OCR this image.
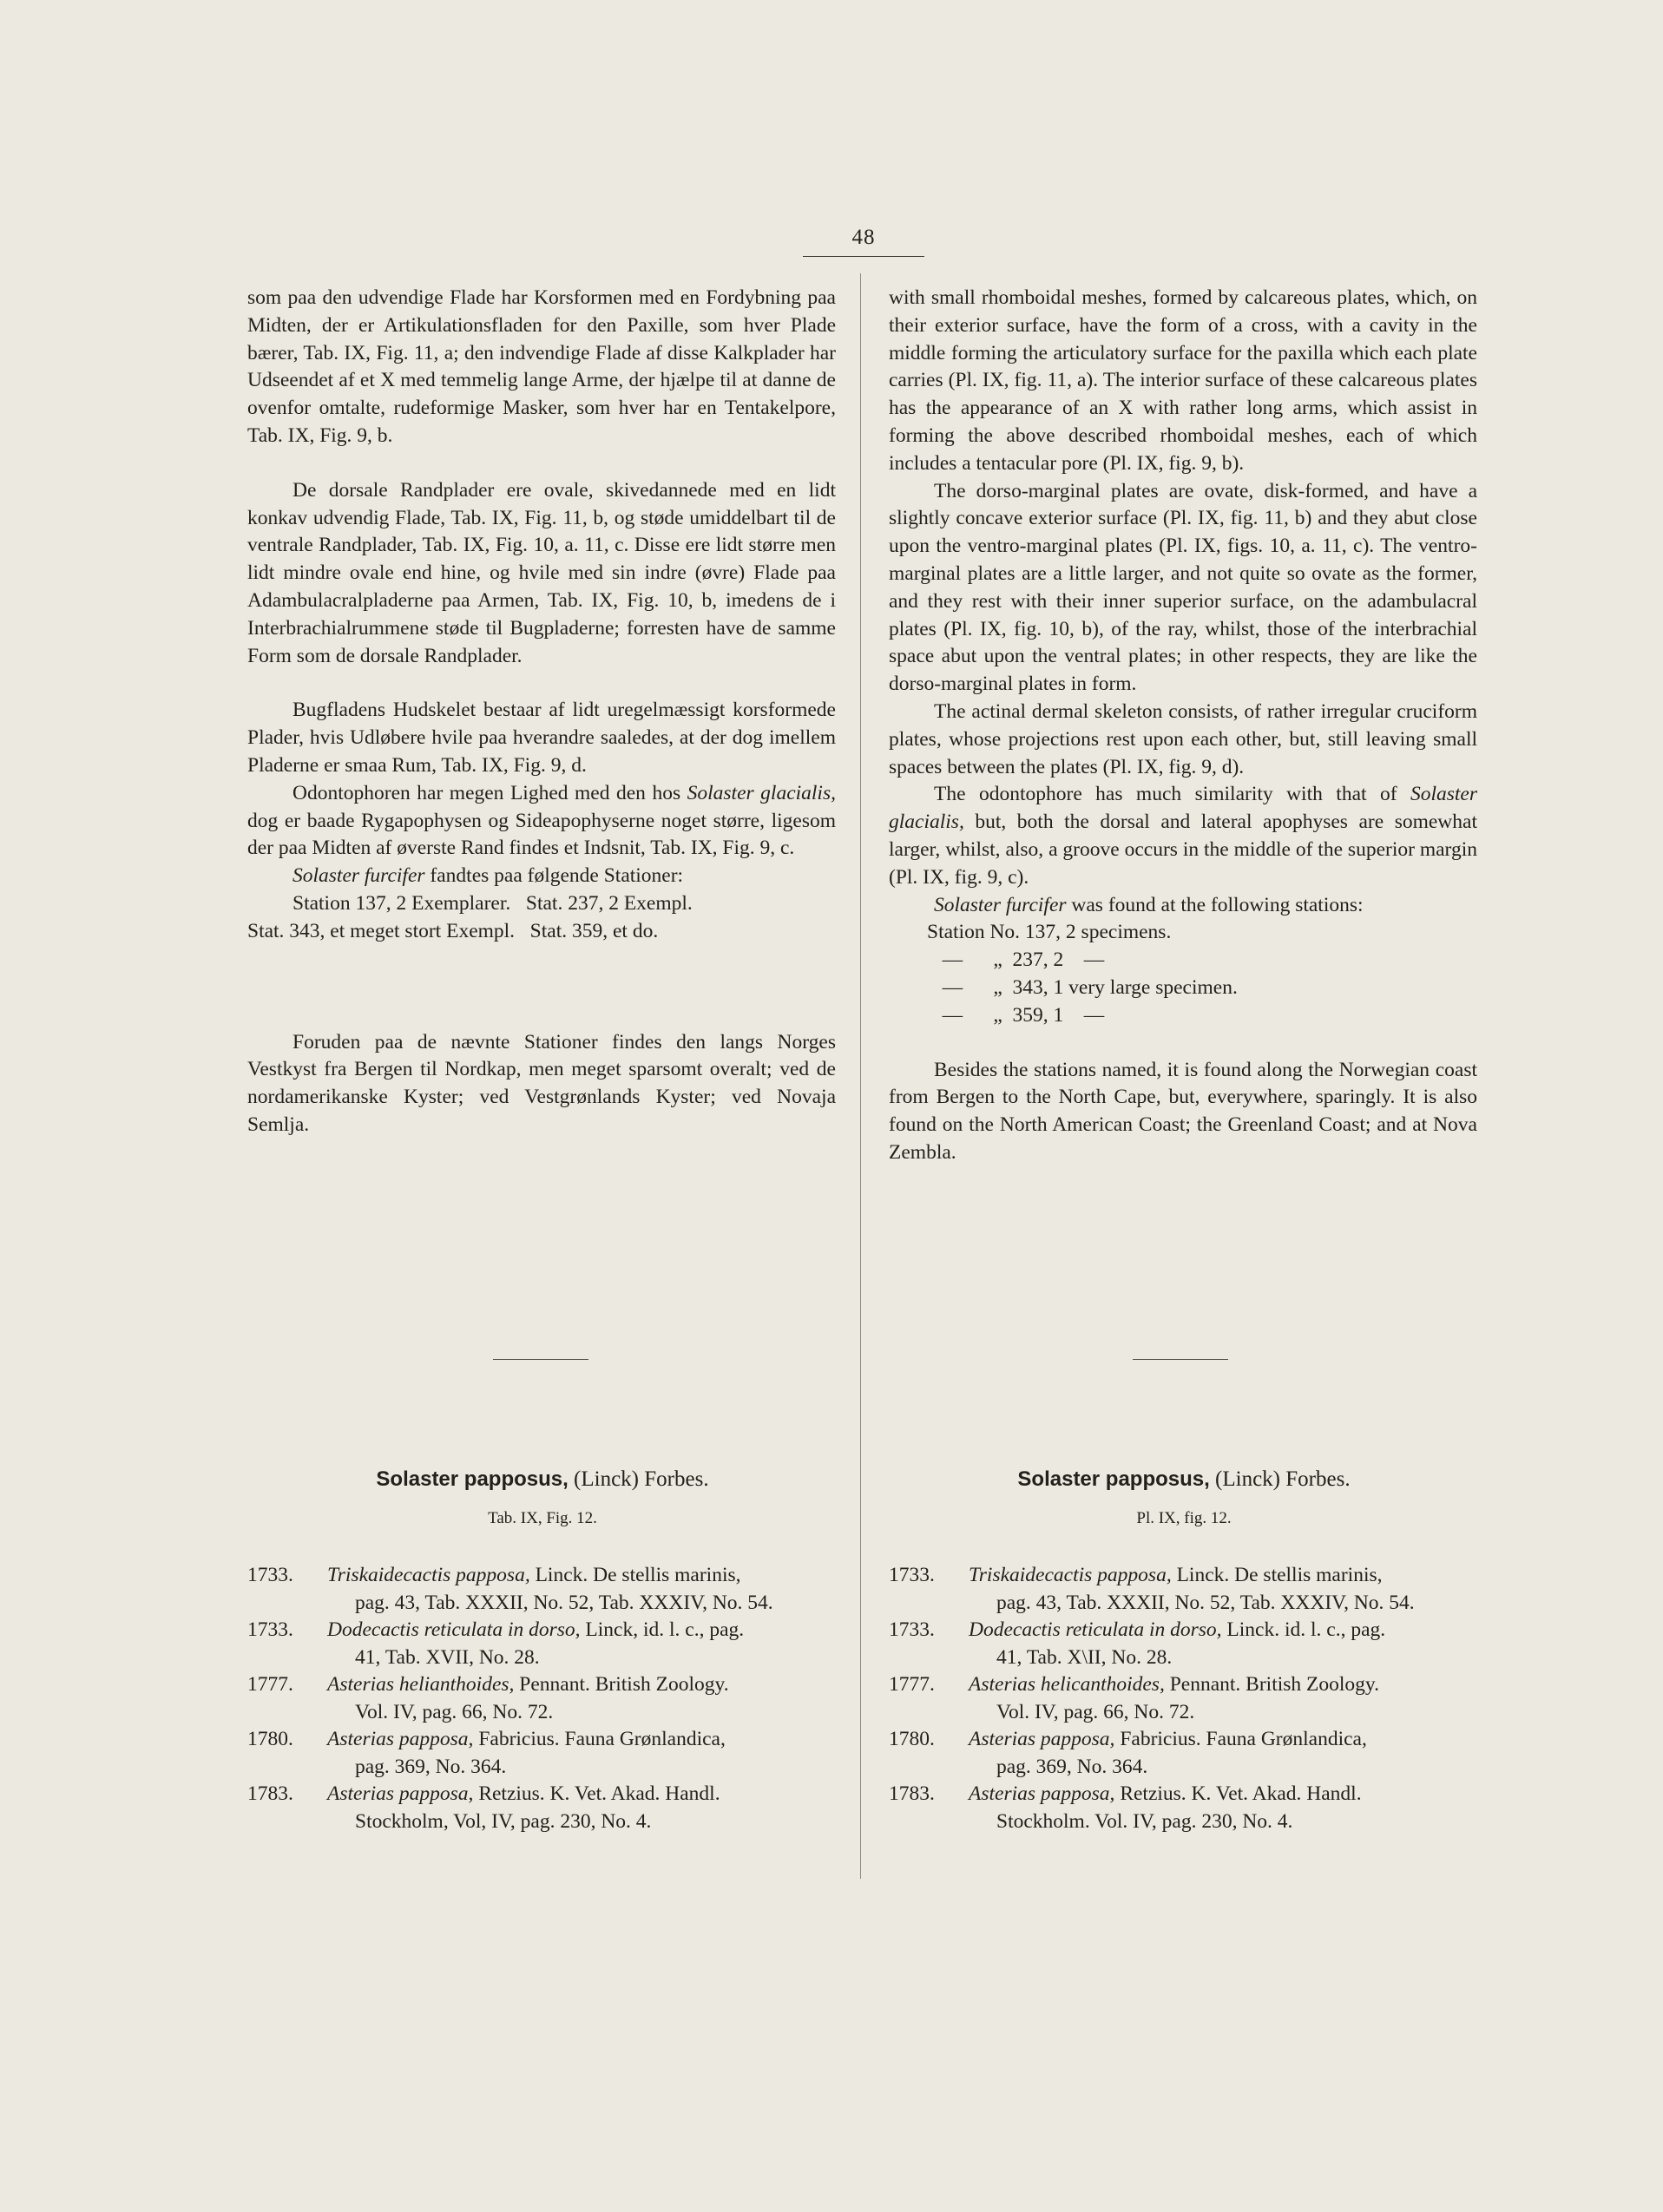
48

som paa den udvendige Flade har Korsformen med en Fordybning paa Midten, der er Artikulationsfladen for den Paxille, som hver Plade bærer, Tab. IX, Fig. 11, a; den indvendige Flade af disse Kalkplader har Udseendet af et X med temmelig lange Arme, der hjælpe til at danne de ovenfor omtalte, rudeformige Masker, som hver har en Tentakelpore, Tab. IX, Fig. 9, b.

De dorsale Randplader ere ovale, skivedannede med en lidt konkav udvendig Flade, Tab. IX, Fig. 11, b, og støde umiddelbart til de ventrale Randplader, Tab. IX, Fig. 10, a. 11, c. Disse ere lidt større men lidt mindre ovale end hine, og hvile med sin indre (øvre) Flade paa Adambulacralpladerne paa Armen, Tab. IX, Fig. 10, b, imedens de i Interbrachialrummene støde til Bugpladerne; forresten have de samme Form som de dorsale Randplader.

Bugfladens Hudskelet bestaar af lidt uregelmæssigt korsformede Plader, hvis Udløbere hvile paa hverandre saaledes, at der dog imellem Pladerne er smaa Rum, Tab. IX, Fig. 9, d.

Odontophoren har megen Lighed med den hos Solaster glacialis, dog er baade Rygapophysen og Sideapophyserne noget større, ligesom der paa Midten af øverste Rand findes et Indsnit, Tab. IX, Fig. 9, c.

Solaster furcifer fandtes paa følgende Stationer:

Station 137, 2 Exemplarer.   Stat. 237, 2 Exempl.

Stat. 343, et meget stort Exempl.   Stat. 359, et do.

Foruden paa de nævnte Stationer findes den langs Norges Vestkyst fra Bergen til Nordkap, men meget sparsomt overalt; ved de nordamerikanske Kyster; ved Vestgrønlands Kyster; ved Novaja Semlja.

with small rhomboidal meshes, formed by calcareous plates, which, on their exterior surface, have the form of a cross, with a cavity in the middle forming the articulatory surface for the paxilla which each plate carries (Pl. IX, fig. 11, a). The interior surface of these calcareous plates has the appearance of an X with rather long arms, which assist in forming the above described rhomboidal meshes, each of which includes a tentacular pore (Pl. IX, fig. 9, b).

The dorso-marginal plates are ovate, disk-formed, and have a slightly concave exterior surface (Pl. IX, fig. 11, b) and they abut close upon the ventro-marginal plates (Pl. IX, figs. 10, a. 11, c). The ventro-marginal plates are a little larger, and not quite so ovate as the former, and they rest with their inner superior surface, on the adambulacral plates (Pl. IX, fig. 10, b), of the ray, whilst, those of the interbrachial space abut upon the ventral plates; in other respects, they are like the dorso-marginal plates in form.

The actinal dermal skeleton consists, of rather irregular cruciform plates, whose projections rest upon each other, but, still leaving small spaces between the plates (Pl. IX, fig. 9, d).

The odontophore has much similarity with that of Solaster glacialis, but, both the dorsal and lateral apophyses are somewhat larger, whilst, also, a groove occurs in the middle of the superior margin (Pl. IX, fig. 9, c).

Solaster furcifer was found at the following stations:

Station No. 137, 2 specimens.
—      „  237, 2    —
—      „  343, 1 very large specimen.
—      „  359, 1    —

Besides the stations named, it is found along the Norwegian coast from Bergen to the North Cape, but, everywhere, sparingly. It is also found on the North American Coast; the Greenland Coast; and at Nova Zembla.

Solaster papposus, (Linck) Forbes.
Tab. IX, Fig. 12.
1733.	Triskaidecactis papposa, Linck. De stellis marinis,
pag. 43, Tab. XXXII, No. 52, Tab. XXXIV, No. 54.
1733.	Dodecactis reticulata in dorso, Linck, id. l. c., pag.
41, Tab. XVII, No. 28.
1777.	Asterias helianthoides, Pennant. British Zoology.
Vol. IV, pag. 66, No. 72.
1780.	Asterias papposa, Fabricius. Fauna Grønlandica,
pag. 369, No. 364.
1783.	Asterias papposa, Retzius. K. Vet. Akad. Handl.
Stockholm, Vol, IV, pag. 230, No. 4.
Solaster papposus, (Linck) Forbes.
Pl. IX, fig. 12.
1733.	Triskaidecactis papposa, Linck. De stellis marinis,
pag. 43, Tab. XXXII, No. 52, Tab. XXXIV, No. 54.
1733.	Dodecactis reticulata in dorso, Linck. id. l. c., pag.
41, Tab. X\II, No. 28.
1777.	Asterias helicanthoides, Pennant. British Zoology.
Vol. IV, pag. 66, No. 72.
1780.	Asterias papposa, Fabricius. Fauna Grønlandica,
pag. 369, No. 364.
1783.	Asterias papposa, Retzius. K. Vet. Akad. Handl.
Stockholm. Vol. IV, pag. 230, No. 4.
